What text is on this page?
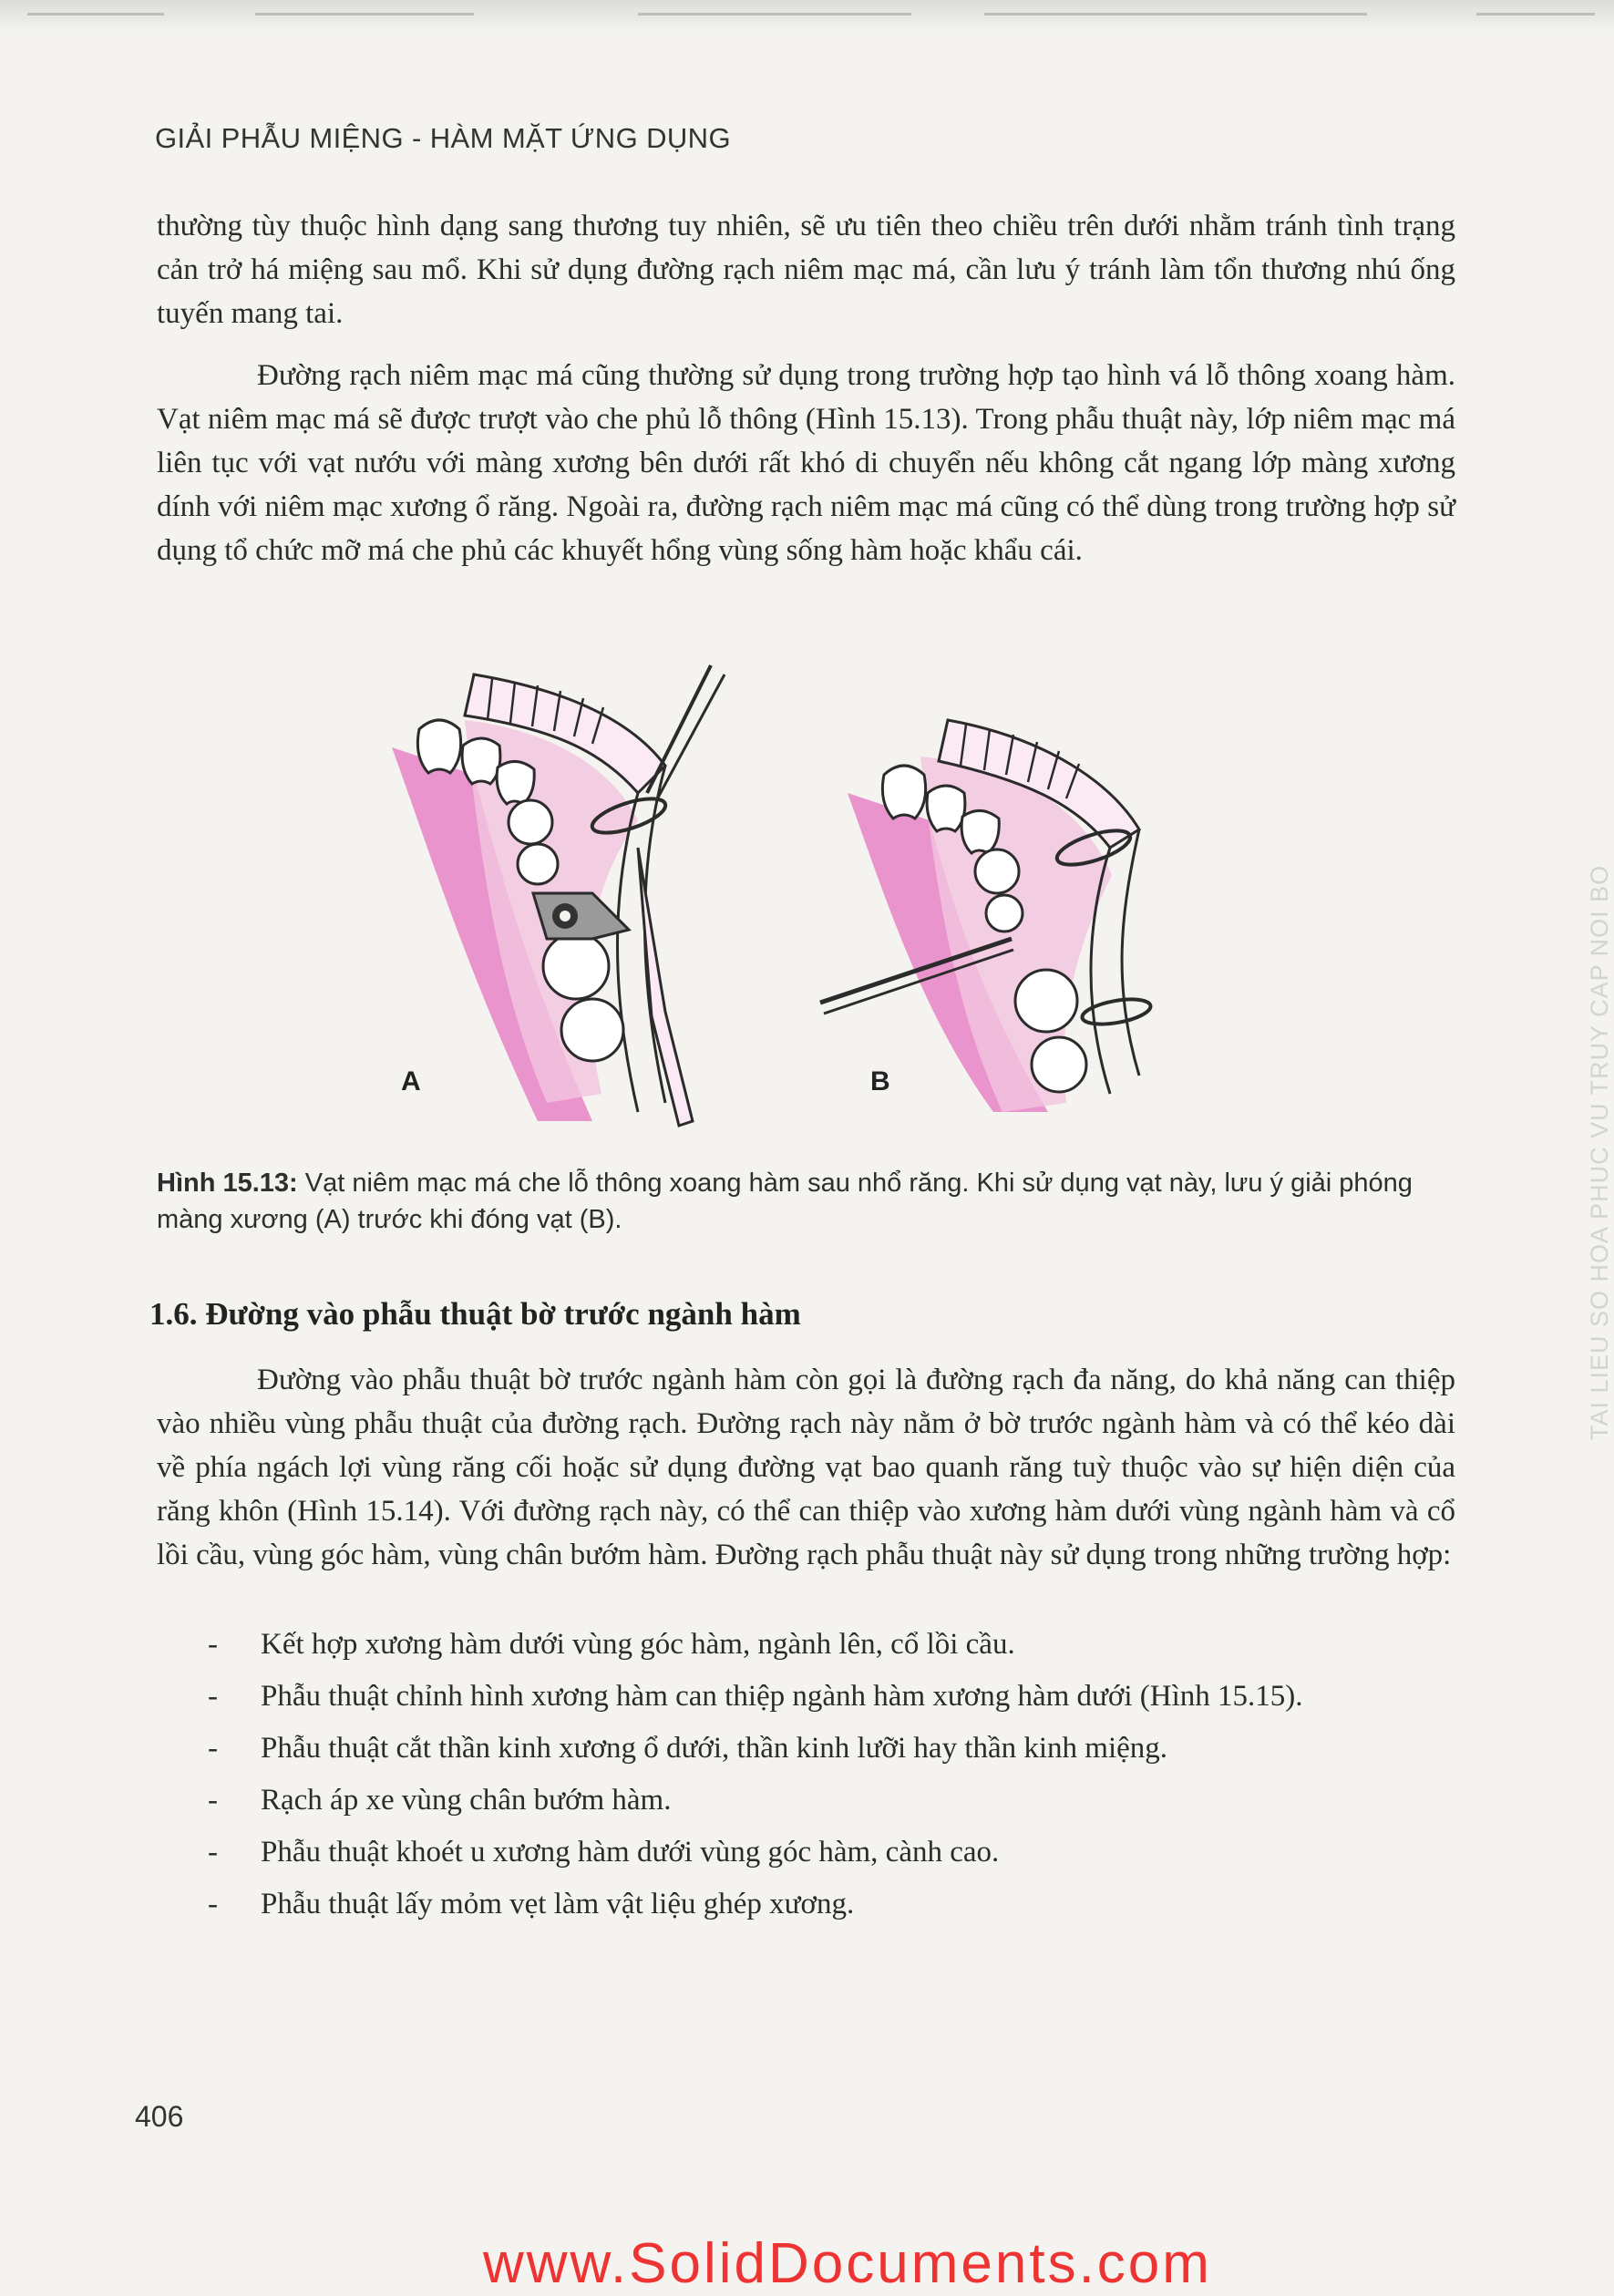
GIẢI PHẪU MIỆNG - HÀM MẶT ỨNG DỤNG

thường tùy thuộc hình dạng sang thương tuy nhiên, sẽ ưu tiên theo chiều trên dưới nhằm tránh tình trạng cản trở há miệng sau mổ. Khi sử dụng đường rạch niêm mạc má, cần lưu ý tránh làm tổn thương nhú ống tuyến mang tai.

Đường rạch niêm mạc má cũng thường sử dụng trong trường hợp tạo hình vá lỗ thông xoang hàm. Vạt niêm mạc má sẽ được trượt vào che phủ lỗ thông (Hình 15.13). Trong phẫu thuật này, lớp niêm mạc má liên tục với vạt nướu với màng xương bên dưới rất khó di chuyển nếu không cắt ngang lớp màng xương dính với niêm mạc xương ổ răng. Ngoài ra, đường rạch niêm mạc má cũng có thể dùng trong trường hợp sử dụng tổ chức mỡ má che phủ các khuyết hổng vùng sống hàm hoặc khẩu cái.

A	B
Hình 15.13: Vạt niêm mạc má che lỗ thông xoang hàm sau nhổ răng. Khi sử dụng vạt này, lưu ý giải phóng màng xương (A) trước khi đóng vạt (B).
1.6. Đường vào phẫu thuật bờ trước ngành hàm

Đường vào phẫu thuật bờ trước ngành hàm còn gọi là đường rạch đa năng, do khả năng can thiệp vào nhiều vùng phẫu thuật của đường rạch. Đường rạch này nằm ở bờ trước ngành hàm và có thể kéo dài về phía ngách lợi vùng răng cối hoặc sử dụng đường vạt bao quanh răng tuỳ thuộc vào sự hiện diện của răng khôn (Hình 15.14). Với đường rạch này, có thể can thiệp vào xương hàm dưới vùng ngành hàm và cổ lồi cầu, vùng góc hàm, vùng chân bướm hàm. Đường rạch phẫu thuật này sử dụng trong những trường hợp:

- Kết hợp xương hàm dưới vùng góc hàm, ngành lên, cổ lồi cầu.
- Phẫu thuật chỉnh hình xương hàm can thiệp ngành hàm xương hàm dưới (Hình 15.15).
- Phẫu thuật cắt thần kinh xương ổ dưới, thần kinh lưỡi hay thần kinh miệng.
- Rạch áp xe vùng chân bướm hàm.
- Phẫu thuật khoét u xương hàm dưới vùng góc hàm, cành cao.
- Phẫu thuật lấy mỏm vẹt làm vật liệu ghép xương.
406
TAI LIEU SO HOA PHUC VU TRUY CAP NOI BO
www.SolidDocuments.com
